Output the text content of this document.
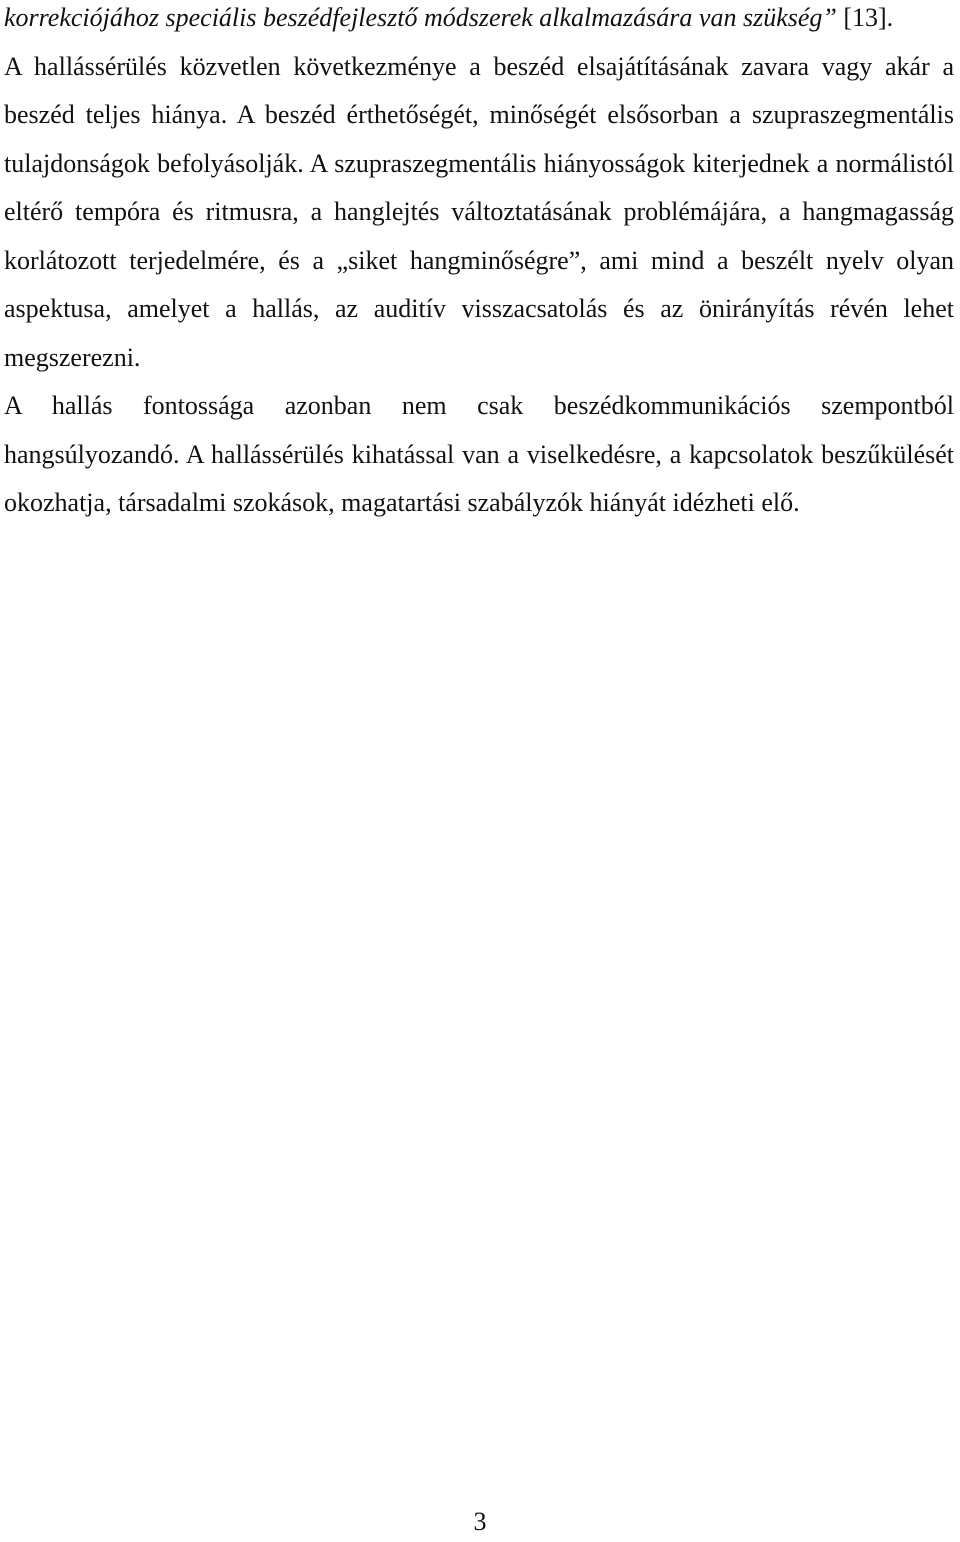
korrekciójához speciális beszédfejlesztő módszerek alkalmazására van szükség” [13].

A hallássérülés közvetlen következménye a beszéd elsajátításának zavara vagy akár a beszéd teljes hiánya. A beszéd érthetőségét, minőségét elsősorban a szupraszegmentális tulajdonságok befolyásolják. A szupraszegmentális hiányosságok kiterjednek a normálistól eltérő tempóra és ritmusra, a hanglejtés változtatásának problémájára, a hangmagasság korlátozott terjedelmére, és a „siket hangminőségre”, ami mind a beszélt nyelv olyan aspektusa, amelyet a hallás, az auditív visszacsatolás és az önirányítás révén lehet megszerezni.

A hallás fontossága azonban nem csak beszédkommunikációs szempontból hangsúlyozandó. A hallássérülés kihatással van a viselkedésre, a kapcsolatok beszűkülését okozhatja, társadalmi szokások, magatartási szabályzók hiányát idézheti elő.

3
